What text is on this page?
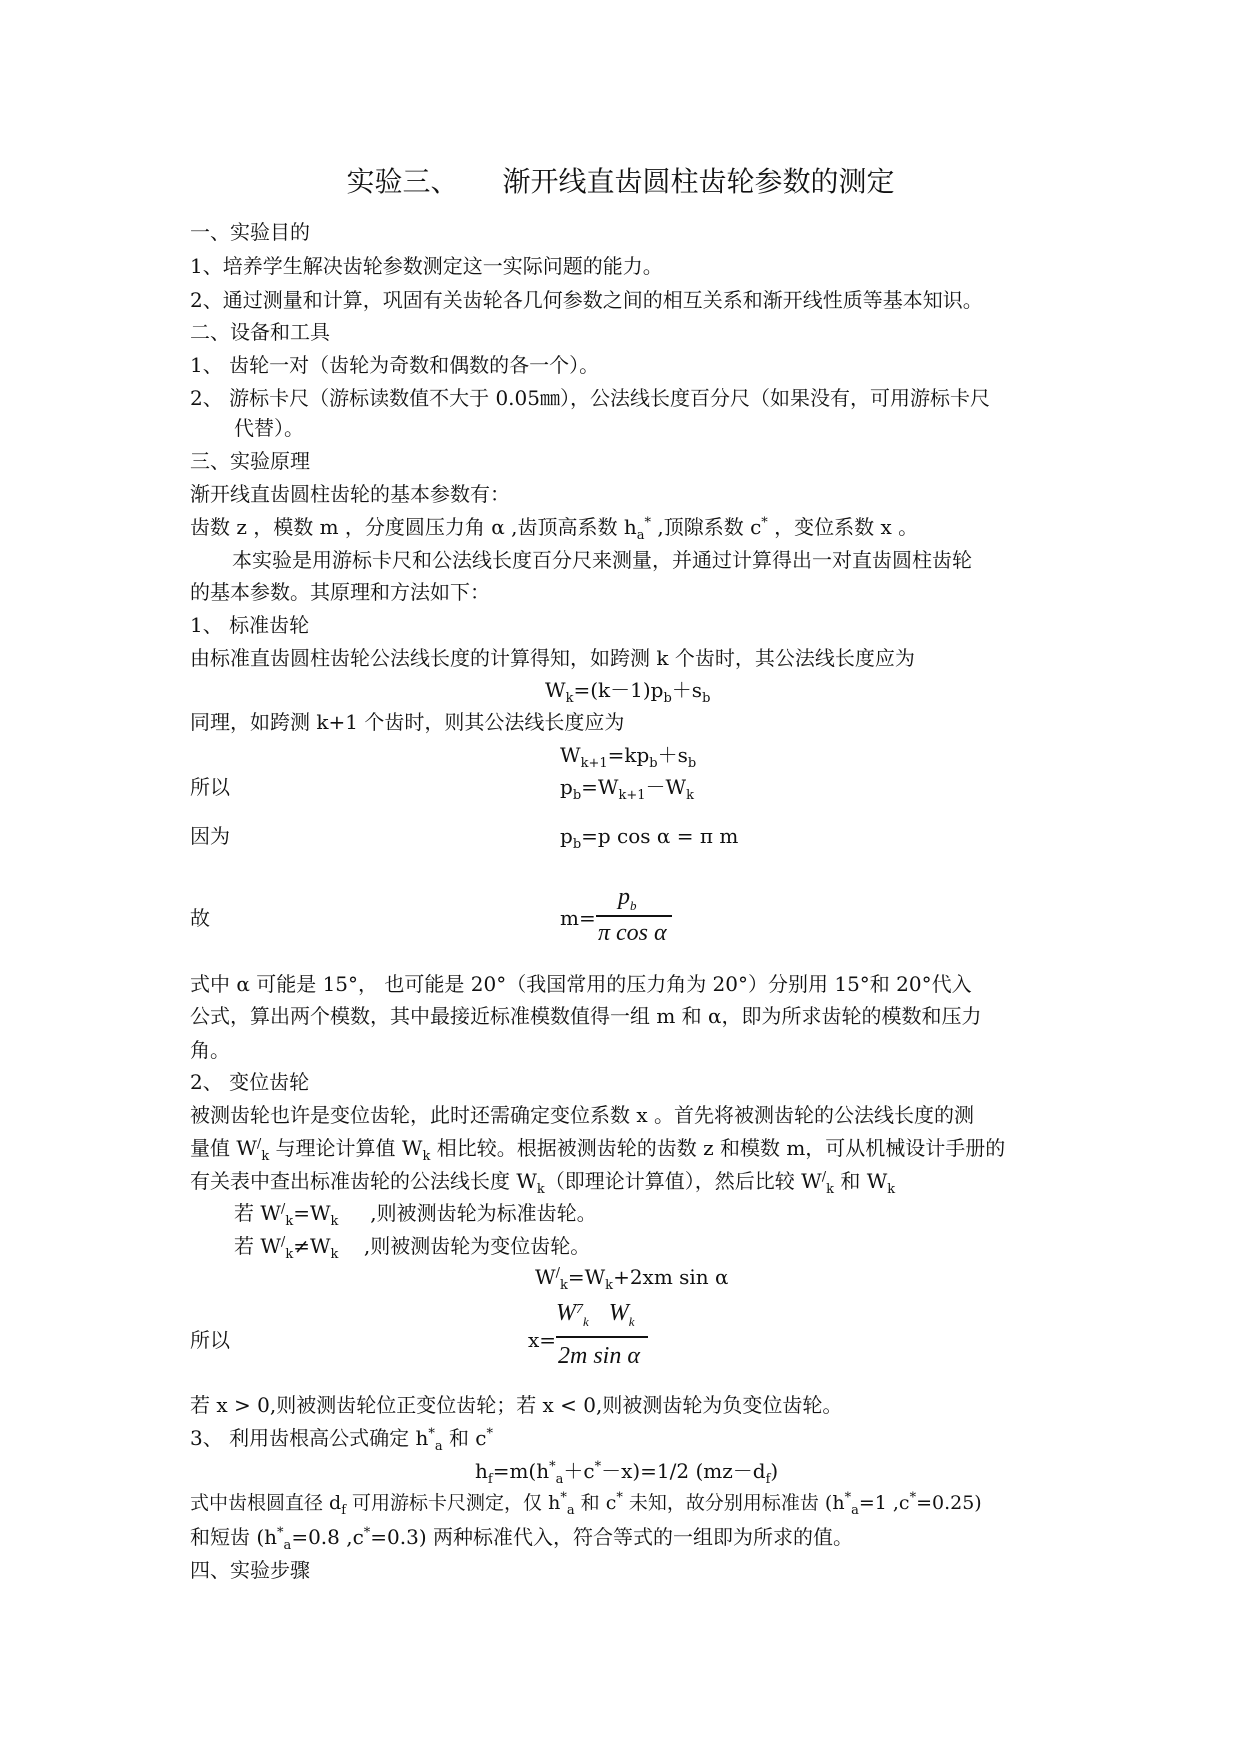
实验三、 渐开线直齿圆柱齿轮参数的测定
一、实验目的
1、培养学生解决齿轮参数测定这一实际问题的能力。
2、通过测量和计算，巩固有关齿轮各几何参数之间的相互关系和渐开线性质等基本知识。
二、设备和工具
1、 齿轮一对（齿轮为奇数和偶数的各一个）。
2、 游标卡尺（游标读数值不大于 0.05㎜），公法线长度百分尺（如果没有，可用游标卡尺
代替）。
三、实验原理
渐开线直齿圆柱齿轮的基本参数有：
齿数 z ，模数 m ，分度圆压力角 α ,齿顶高系数 $h_a^*$ ,顶隙系数 c* ，变位系数 x 。
本实验是用游标卡尺和公法线长度百分尺来测量，并通过计算得出一对直齿圆柱齿轮
的基本参数。其原理和方法如下：
1、 标准齿轮
由标准直齿圆柱齿轮公法线长度的计算得知，如跨测 k 个齿时，其公法线长度应为
$W_k=(k-1)p_b+s_b$
同理，如跨测 k+1 个齿时，则其公法线长度应为
$W_{k+1}=kp_b+s_b$
所以	$p_b=W_{k+1}-W_k$
因为	$p_b=p$ cos α = π m
故	m=
$p_b$
π cos α
式中 α 可能是 15°， 也可能是 20°（我国常用的压力角为 20°）分别用 15°和 20°代入
公式，算出两个模数，其中最接近标准模数值得一组 m 和 α，即为所求齿轮的模数和压力
角。
2、 变位齿轮
被测齿轮也许是变位齿轮，此时还需确定变位系数 x 。首先将被测齿轮的公法线长度的测
量值 $W^/_k$ 与理论计算值 $W_k$ 相比较。根据被测齿轮的齿数 z 和模数 m，可从机械设计手册的
有关表中查出标准齿轮的公法线长度 $W_k$（即理论计算值），然后比较 $W^/_k$ 和 $W_k$
若 $W^/_k=W_k$     ,则被测齿轮为标准齿轮。
若 $W^/_k\ne W_k$    ,则被测齿轮为变位齿轮。
$W^/_k=W_k+2xm$ sin α
所以	x=
$W^7_k$ $W_k$
2m sin α
若 x > 0,则被测齿轮位正变位齿轮；若 x < 0,则被测齿轮为负变位齿轮。
3、 利用齿根高公式确定 $h^*_a$ 和 c*
$h_f=m(h^*_a+c^*-x)=1/2$ $(mz-d_f)$
式中齿根圆直径 $d_f$ 可用游标卡尺测定，仅 $h^*_a$ 和 c* 未知，故分别用标准齿 ($h^*_a=1$ ,c*=0.25)
和短齿 ($h^*_a=0.8$ ,c*=0.3) 两种标准代入，符合等式的一组即为所求的值。
四、实验步骤
